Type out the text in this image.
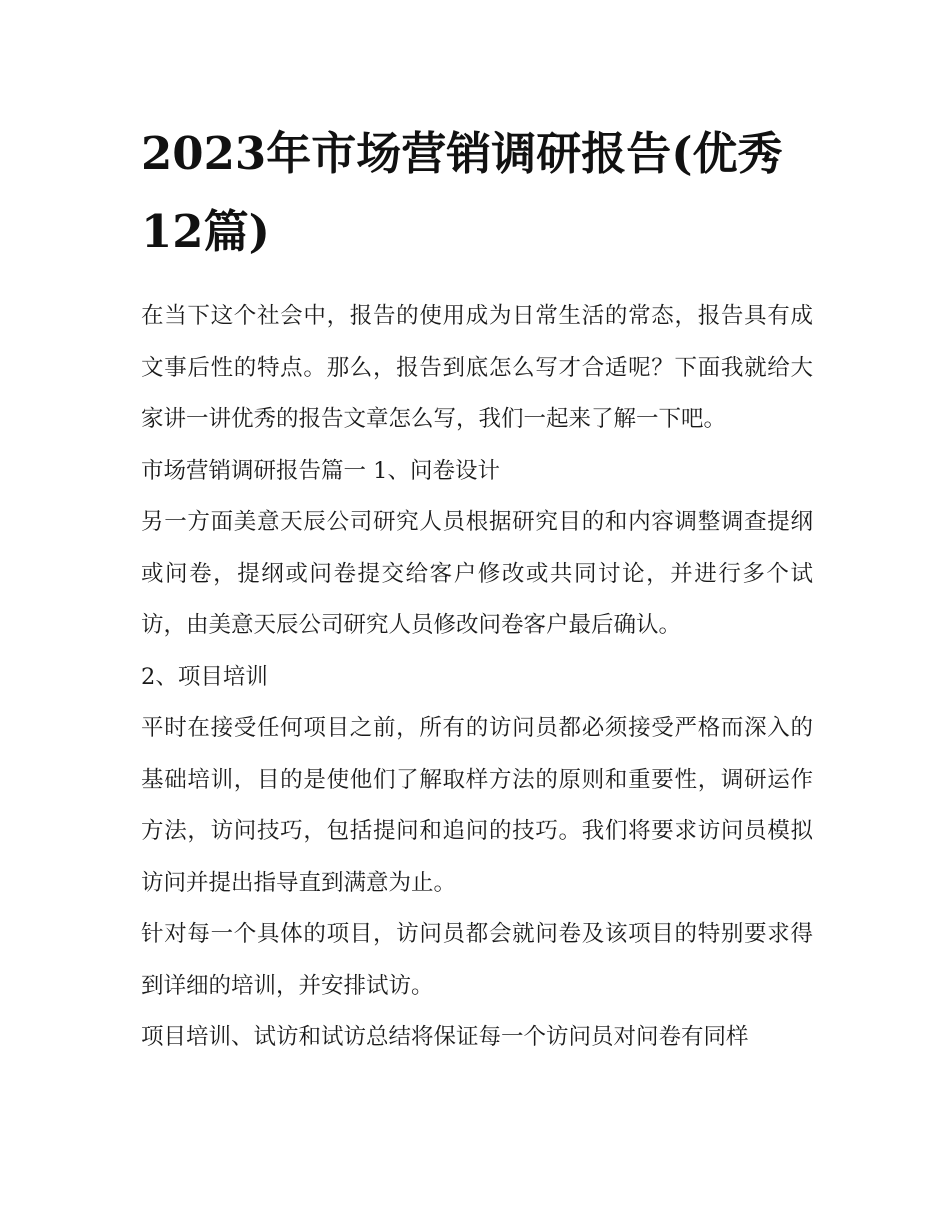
2023年市场营销调研报告(优秀12篇)

在当下这个社会中，报告的使用成为日常生活的常态，报告具有成文事后性的特点。那么，报告到底怎么写才合适呢？下面我就给大家讲一讲优秀的报告文章怎么写，我们一起来了解一下吧。

市场营销调研报告篇一 1、问卷设计

另一方面美意天辰公司研究人员根据研究目的和内容调整调查提纲或问卷，提纲或问卷提交给客户修改或共同讨论，并进行多个试访，由美意天辰公司研究人员修改问卷客户最后确认。

2、项目培训

平时在接受任何项目之前，所有的访问员都必须接受严格而深入的基础培训，目的是使他们了解取样方法的原则和重要性，调研运作方法，访问技巧，包括提问和追问的技巧。我们将要求访问员模拟访问并提出指导直到满意为止。

针对每一个具体的项目，访问员都会就问卷及该项目的特别要求得到详细的培训，并安排试访。

项目培训、试访和试访总结将保证每一个访问员对问卷有同样
